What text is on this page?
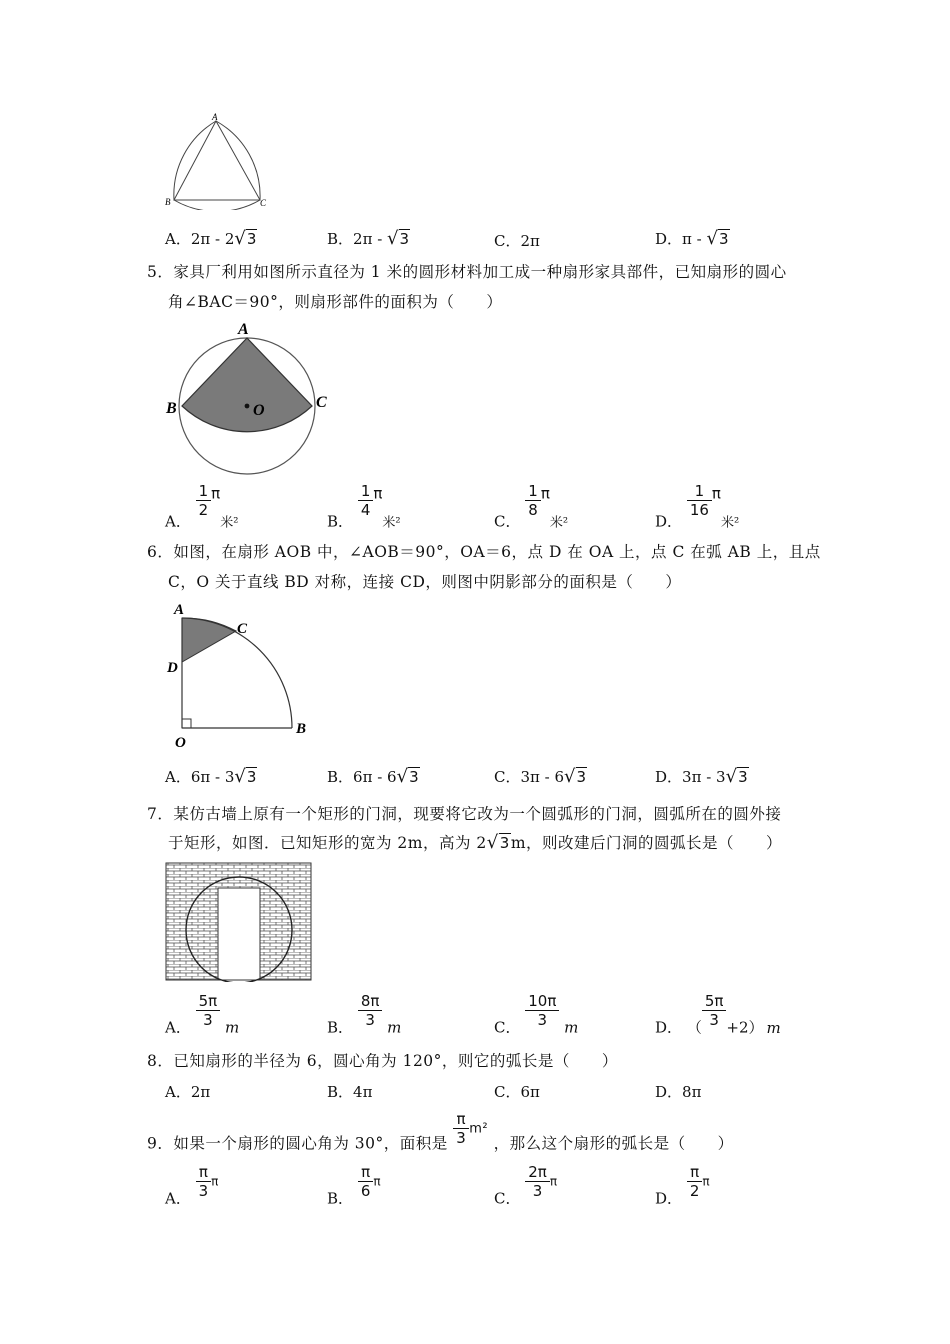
A
B	C
A．2π - 2√3	B．2π - √3	C．2π	D．π - √3
5．家具厂利用如图所示直径为 1 米的圆形材料加工成一种扇形家具部件，已知扇形的圆心
角∠BAC＝90°，则扇形部件的面积为（　　）
A
B	C
O
A．
$\frac{1}{2}$ π米²	B．
$\frac{1}{4}$ π米²	C．
$\frac{1}{8}$ π米²	D．
$\frac{1}{16}$ π米²
6．如图，在扇形 AOB 中，∠AOB＝90°，OA＝6，点 D 在 OA 上，点 C 在弧 AB 上，且点
C，O 关于直线 BD 对称，连接 CD，则图中阴影部分的面积是（　　）
A
C
D
O
B
A．6π - 3√3	B．6π - 6√3	C．3π - 6√3	D．3π - 3√3
7．某仿古墙上原有一个矩形的门洞，现要将它改为一个圆弧形的门洞，圆弧所在的圆外接
于矩形，如图．已知矩形的宽为 2m，高为 2√3m，则改建后门洞的圆弧长是（　　）
A． $\frac{5\pi}{3}$ m	B． $\frac{8\pi}{3}$ m	C． $\frac{10\pi}{3}$ m	D． （ $\frac{5\pi}{3} +2$） m
8．已知扇形的半径为 6，圆心角为 120°，则它的弧长是（　　）
A．2π	B．4π	C．6π	D．8π
9．如果一个扇形的圆心角为 30°，面积是 $\frac{\pi}{3} m^2$ ，那么这个扇形的弧长是（　　）
A． $\frac{\pi}{3}$ π
B． $\frac{\pi}{6}$ π
C． $\frac{2\pi}{3}$ π
D． $\frac{\pi}{2}$ π
